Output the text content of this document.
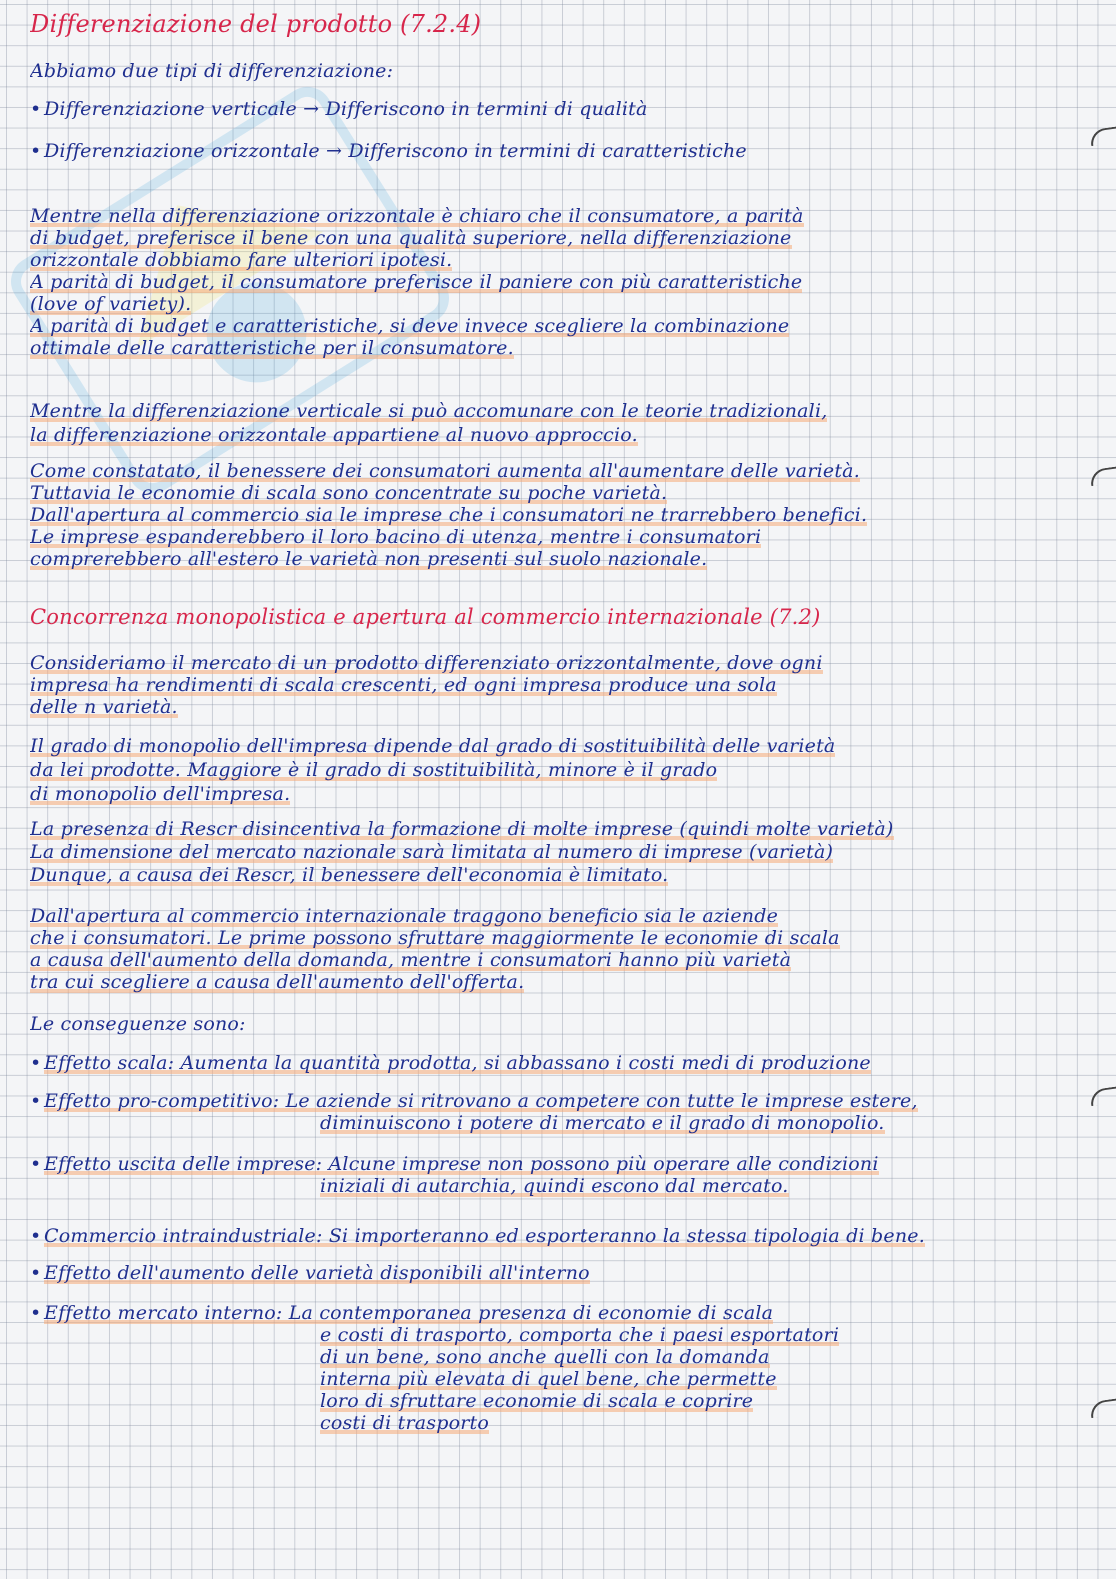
Differenziazione del prodotto (7.2.4)
Abbiamo due tipi di differenziazione:
• Differenziazione verticale → Differiscono in termini di qualità
• Differenziazione orizzontale → Differiscono in termini di caratteristiche
Mentre nella differenziazione orizzontale è chiaro che il consumatore, a parità
di budget, preferisce il bene con una qualità superiore, nella differenziazione
orizzontale dobbiamo fare ulteriori ipotesi.
A parità di budget, il consumatore preferisce il paniere con più caratteristiche
(love of variety).
A parità di budget e caratteristiche, si deve invece scegliere la combinazione
ottimale delle caratteristiche per il consumatore.
Mentre la differenziazione verticale si può accomunare con le teorie tradizionali,
la differenziazione orizzontale appartiene al nuovo approccio.
Come constatato, il benessere dei consumatori aumenta all'aumentare delle varietà.
Tuttavia le economie di scala sono concentrate su poche varietà.
Dall'apertura al commercio sia le imprese che i consumatori ne trarrebbero benefici.
Le imprese espanderebbero il loro bacino di utenza, mentre i consumatori
comprerebbero all'estero le varietà non presenti sul suolo nazionale.
Concorrenza monopolistica e apertura al commercio internazionale (7.2)
Consideriamo il mercato di un prodotto differenziato orizzontalmente, dove ogni
impresa ha rendimenti di scala crescenti, ed ogni impresa produce una sola
delle n varietà.
Il grado di monopolio dell'impresa dipende dal grado di sostituibilità delle varietà
da lei prodotte. Maggiore è il grado di sostituibilità, minore è il grado
di monopolio dell'impresa.
La presenza di Rescr disincentiva la formazione di molte imprese (quindi molte varietà)
La dimensione del mercato nazionale sarà limitata al numero di imprese (varietà)
Dunque, a causa dei Rescr, il benessere dell'economia è limitato.
Dall'apertura al commercio internazionale traggono beneficio sia le aziende
che i consumatori. Le prime possono sfruttare maggiormente le economie di scala
a causa dell'aumento della domanda, mentre i consumatori hanno più varietà
tra cui scegliere a causa dell'aumento dell'offerta.
Le conseguenze sono:
• Effetto scala: Aumenta la quantità prodotta, si abbassano i costi medi di produzione
• Effetto pro-competitivo: Le aziende si ritrovano a competere con tutte le imprese estere,
diminuiscono i potere di mercato e il grado di monopolio.
• Effetto uscita delle imprese: Alcune imprese non possono più operare alle condizioni
iniziali di autarchia, quindi escono dal mercato.
• Commercio intraindustriale: Si importeranno ed esporteranno la stessa tipologia di bene.
• Effetto dell'aumento delle varietà disponibili all'interno
• Effetto mercato interno: La contemporanea presenza di economie di scala
e costi di trasporto, comporta che i paesi esportatori
di un bene, sono anche quelli con la domanda
interna più elevata di quel bene, che permette
loro di sfruttare economie di scala e coprire
costi di trasporto
